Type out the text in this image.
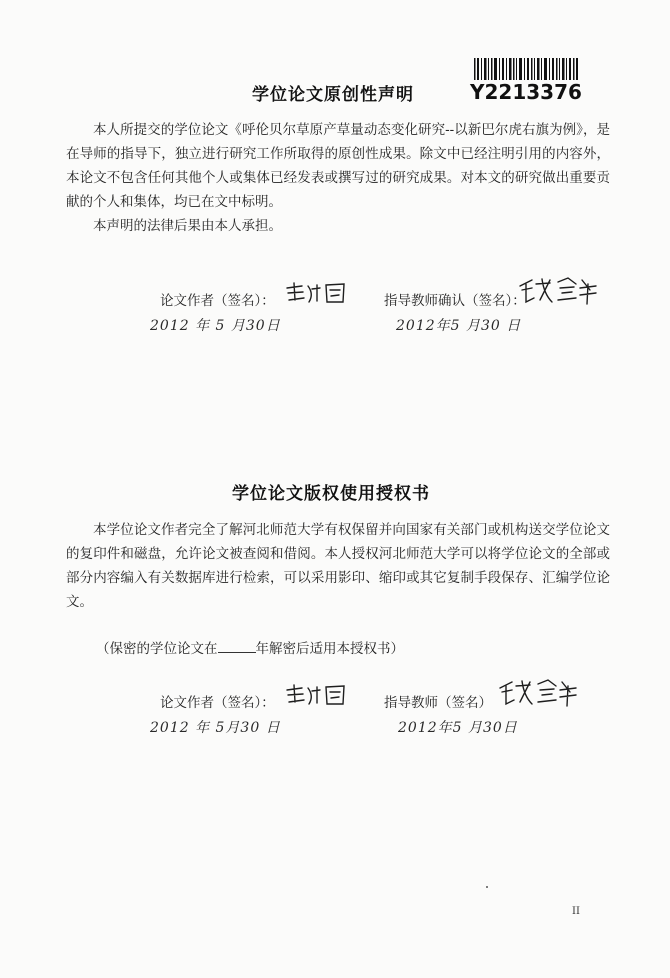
Y2213376
学位论文原创性声明

本人所提交的学位论文《呼伦贝尔草原产草量动态变化研究--以新巴尔虎右旗为例》，是在导师的指导下，独立进行研究工作所取得的原创性成果。除文中已经注明引用的内容外，本论文不包含任何其他个人或集体已经发表或撰写过的研究成果。对本文的研究做出重要贡献的个人和集体，均已在文中标明。

本声明的法律后果由本人承担。

论文作者（签名）：	指导教师确认（签名）：
2012 年 5 月30日	2012年5 月30 日
学位论文版权使用授权书

本学位论文作者完全了解河北师范大学有权保留并向国家有关部门或机构送交学位论文的复印件和磁盘，允许论文被查阅和借阅。本人授权河北师范大学可以将学位论文的全部或部分内容编入有关数据库进行检索，可以采用影印、缩印或其它复制手段保存、汇编学位论文。

（保密的学位论文在	年解密后适用本授权书）
论文作者（签名）：	指导教师（签名）
2012 年 5月30 日	2012年5 月30日
II
